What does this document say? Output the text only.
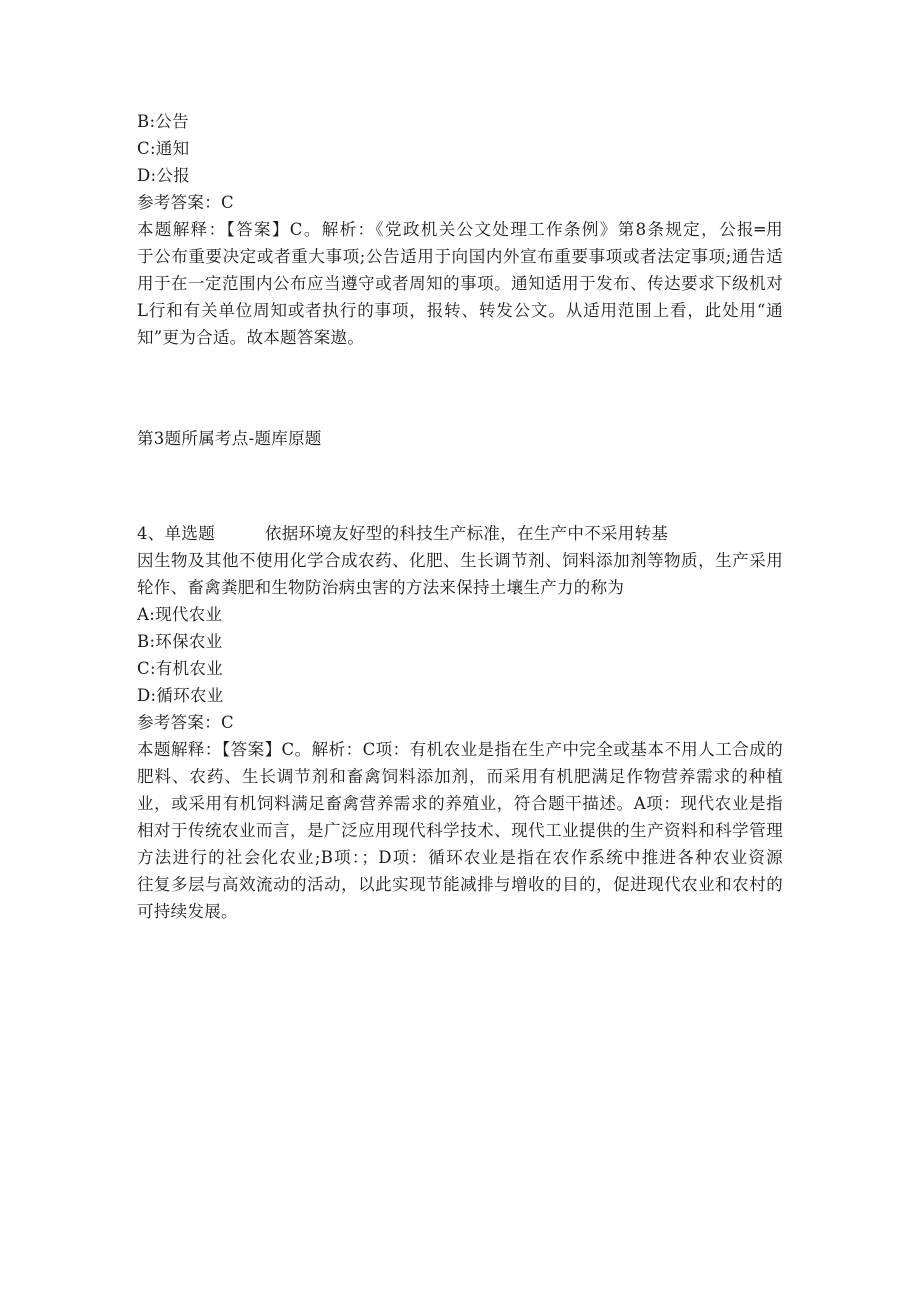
B:公告
C:通知
D:公报
参考答案：C
本题解释：【答案】C。解析：《党政机关公文处理工作条例》第8条规定，公报═用
于公布重要决定或者重大事项;公告适用于向国内外宣布重要事项或者法定事项;通告适
用于在一定范围内公布应当遵守或者周知的事项。通知适用于发布、传达要求下级机对
L行和有关单位周知或者执行的事项，报转、转发公文。从适用范围上看，此处用“通
知”更为合适。故本题答案遨。
第3题所属考点-题库原题
4、单选题	依据环境友好型的科技生产标准，在生产中不采用转基
因生物及其他不使用化学合成农药、化肥、生长调节剂、饲料添加剂等物质，生产采用
轮作、畜禽粪肥和生物防治病虫害的方法来保持土壤生产力的称为
A:现代农业
B:环保农业
C:有机农业
D:循环农业
参考答案：C
本题解释：【答案】C。解析：C项：有机农业是指在生产中完全或基本不用人工合成的
肥料、农药、生长调节剂和畜禽饲料添加剂，而采用有机肥满足作物营养需求的种植
业，或采用有机饲料满足畜禽营养需求的养殖业，符合题干描述。A项：现代农业是指
相对于传统农业而言，是广泛应用现代科学技术、现代工业提供的生产资料和科学管理
方法进行的社会化农业;B项：；D项：循环农业是指在农作系统中推进各种农业资源
往复多层与高效流动的活动，以此实现节能减排与增收的目的，促进现代农业和农村的
可持续发展。
